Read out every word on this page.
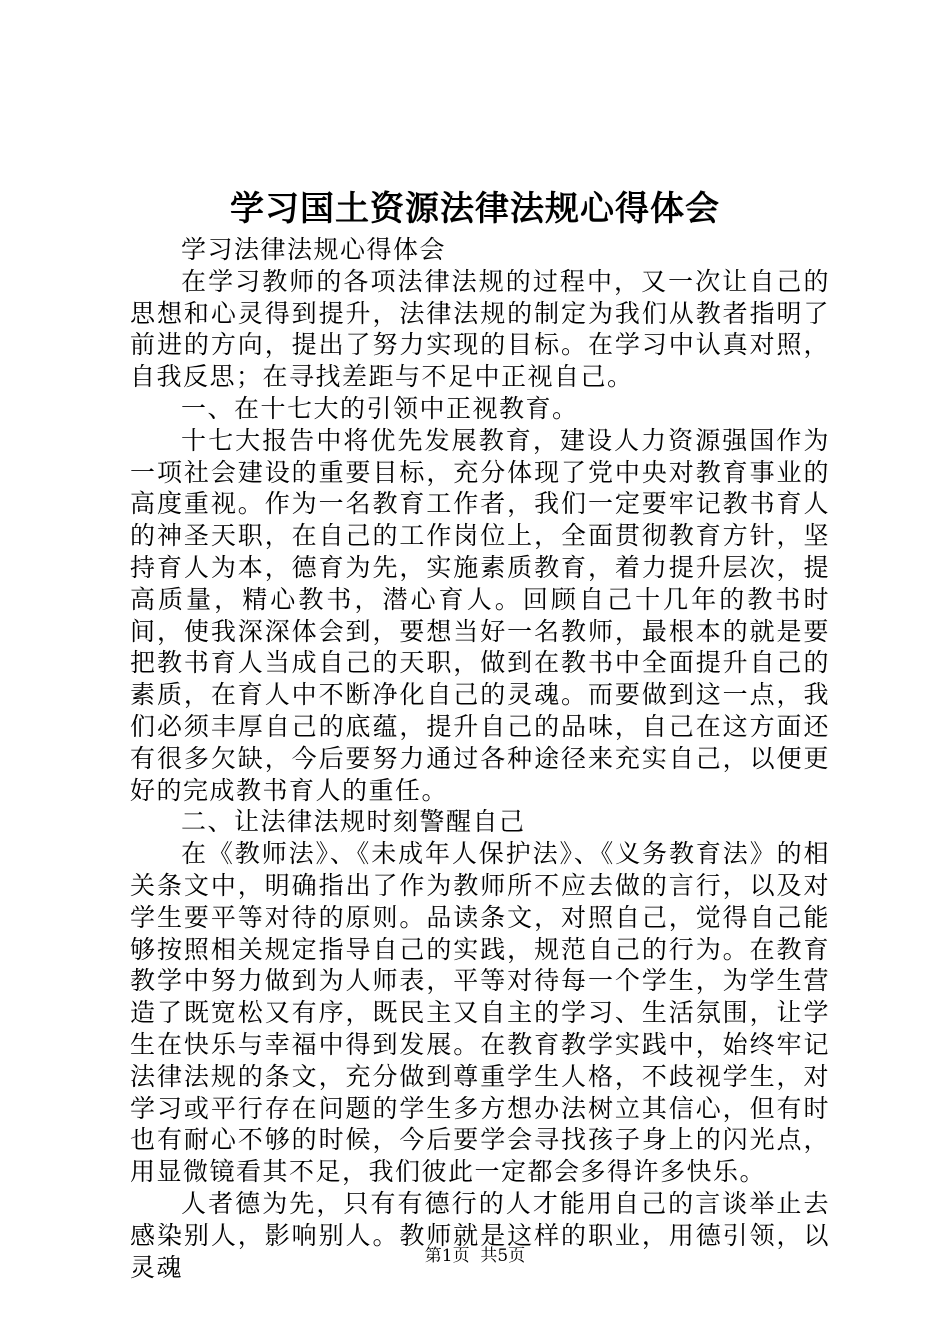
学习国土资源法律法规心得体会

学习法律法规心得体会

在学习教师的各项法律法规的过程中，又一次让自己的思想和心灵得到提升，法律法规的制定为我们从教者指明了前进的方向，提出了努力实现的目标。在学习中认真对照，自我反思；在寻找差距与不足中正视自己。

一、在十七大的引领中正视教育。

十七大报告中将优先发展教育，建设人力资源强国作为一项社会建设的重要目标，充分体现了党中央对教育事业的高度重视。作为一名教育工作者，我们一定要牢记教书育人的神圣天职，在自己的工作岗位上，全面贯彻教育方针，坚持育人为本，德育为先，实施素质教育，着力提升层次，提高质量，精心教书，潜心育人。回顾自己十几年的教书时间，使我深深体会到，要想当好一名教师，最根本的就是要把教书育人当成自己的天职，做到在教书中全面提升自己的素质，在育人中不断净化自己的灵魂。而要做到这一点，我们必须丰厚自己的底蕴，提升自己的品味，自己在这方面还有很多欠缺，今后要努力通过各种途径来充实自己，以便更好的完成教书育人的重任。

二、让法律法规时刻警醒自己

在《教师法》、《未成年人保护法》、《义务教育法》的相关条文中，明确指出了作为教师所不应去做的言行，以及对学生要平等对待的原则。品读条文，对照自己，觉得自己能够按照相关规定指导自己的实践，规范自己的行为。在教育教学中努力做到为人师表，平等对待每一个学生，为学生营造了既宽松又有序，既民主又自主的学习、生活氛围，让学生在快乐与幸福中得到发展。在教育教学实践中，始终牢记法律法规的条文，充分做到尊重学生人格，不歧视学生，对学习或平行存在问题的学生多方想办法树立其信心，但有时也有耐心不够的时候，今后要学会寻找孩子身上的闪光点，用显微镜看其不足，我们彼此一定都会多得许多快乐。

人者德为先，只有有德行的人才能用自己的言谈举止去感染别人，影响别人。教师就是这样的职业，用德引领，以灵魂	第1页 共5页
